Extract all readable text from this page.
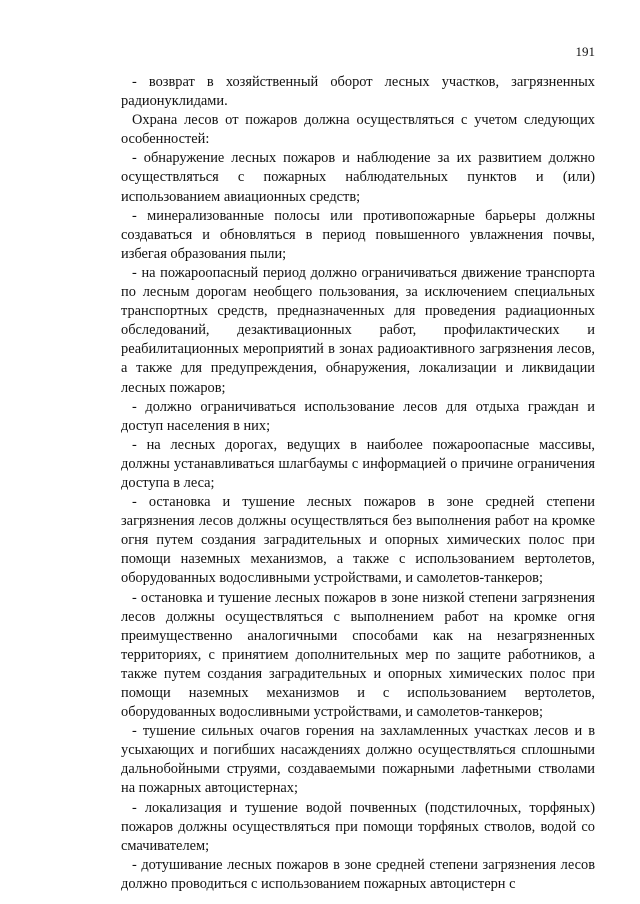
191

- возврат в хозяйственный оборот лесных участков, загрязненных радионуклидами.

Охрана лесов от пожаров должна осуществляться с учетом следующих особенностей:

- обнаружение лесных пожаров и наблюдение за их развитием должно осуществляться с пожарных наблюдательных пунктов и (или) использованием авиационных средств;

- минерализованные полосы или противопожарные барьеры должны создаваться и обновляться в период повышенного увлажнения почвы, избегая образования пыли;

- на пожароопасный период должно ограничиваться движение транспорта по лесным дорогам необщего пользования, за исключением специальных транспортных средств, предназначенных для проведения радиационных обследований, дезактивационных работ, профилактических и реабилитационных мероприятий в зонах радиоактивного загрязнения лесов, а также для предупреждения, обнаружения, локализации и ликвидации лесных пожаров;

- должно ограничиваться использование лесов для отдыха граждан и доступ населения в них;

- на лесных дорогах, ведущих в наиболее пожароопасные массивы, должны устанавливаться шлагбаумы с информацией о причине ограничения доступа в леса;

- остановка и тушение лесных пожаров в зоне средней степени загрязнения лесов должны осуществляться без выполнения работ на кромке огня путем создания заградительных и опорных химических полос при помощи наземных механизмов, а также с использованием вертолетов, оборудованных водосливными устройствами, и самолетов-танкеров;

- остановка и тушение лесных пожаров в зоне низкой степени загрязнения лесов должны осуществляться с выполнением работ на кромке огня преимущественно аналогичными способами как на незагрязненных территориях, с принятием дополнительных мер по защите работников, а также путем создания заградительных и опорных химических полос при помощи наземных механизмов и с использованием вертолетов, оборудованных водосливными устройствами, и самолетов-танкеров;

- тушение сильных очагов горения на захламленных участках лесов и в усыхающих и погибших насаждениях должно осуществляться сплошными дальнобойными струями, создаваемыми пожарными лафетными стволами на пожарных автоцистернах;

- локализация и тушение водой почвенных (подстилочных, торфяных) пожаров должны осуществляться при помощи торфяных стволов, водой со смачивателем;

- дотушивание лесных пожаров в зоне средней степени загрязнения лесов должно проводиться с использованием пожарных автоцистерн с
